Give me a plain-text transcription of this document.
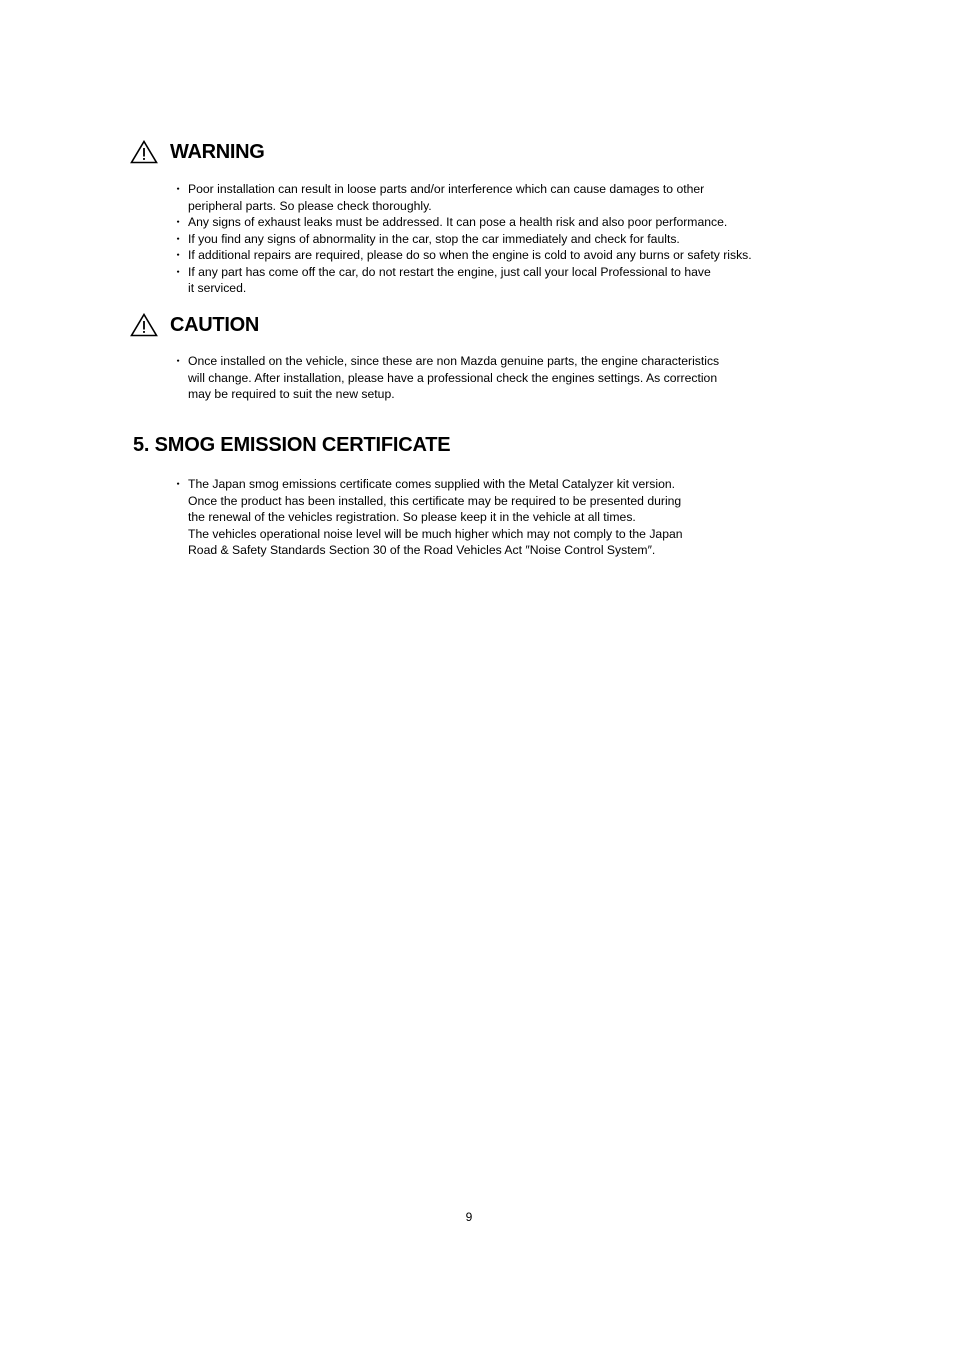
WARNING
・ Poor installation can result in loose parts and/or interference which can cause damages to other
peripheral parts. So please check thoroughly.
・ Any signs of exhaust leaks must be addressed. It can pose a health risk and also poor performance.
・ If you find any signs of abnormality in the car, stop the car immediately and check for faults.
・ If additional repairs are required, please do so when the engine is cold to avoid any burns or safety risks.
・ If any part has come off the car, do not restart the engine, just call your local Professional to have
it serviced.
CAUTION
・ Once installed on the vehicle, since these are non Mazda genuine parts, the engine characteristics
will change. After installation, please have a professional check the engines settings. As correction
may be required to suit the new setup.
5. SMOG EMISSION CERTIFICATE
・ The Japan smog emissions certificate comes supplied with the Metal Catalyzer kit version.
Once the product has been installed, this certificate may be required to be presented during
the renewal of the vehicles registration. So please keep it in the vehicle at all times.
The vehicles operational noise level will be much higher which may not comply to the Japan
Road & Safety Standards Section 30 of the Road Vehicles Act ″Noise Control System″.
9
